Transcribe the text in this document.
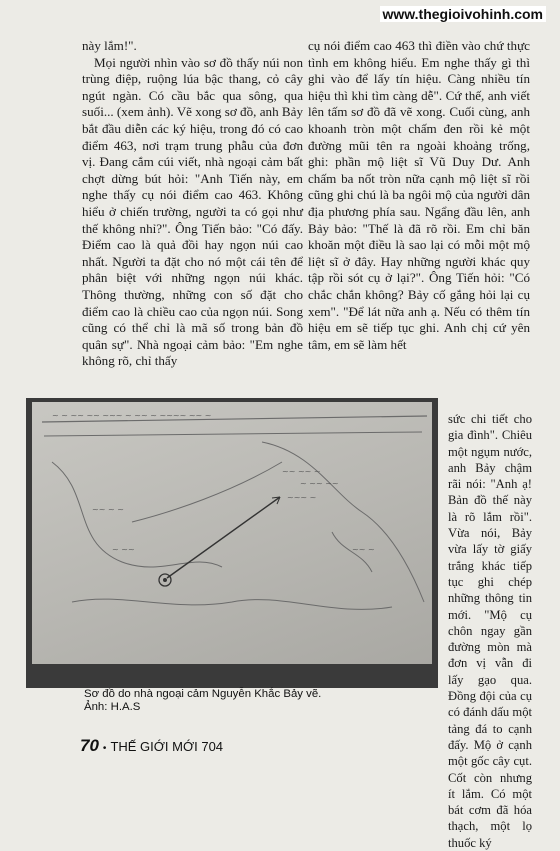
www.thegioivohinh.com

này lắm!".

Mọi người nhìn vào sơ đồ thấy núi non trùng điệp, ruộng lúa bậc thang, cỏ cây ngút ngàn. Có cầu bắc qua sông, qua suối... (xem ảnh). Vẽ xong sơ đồ, anh Bảy bắt đầu diễn các ký hiệu, trong đó có cao điểm 463, nơi trạm trung phẫu của đơn vị. Đang cắm cúi viết, nhà ngoại cảm bất chợt dừng bút hỏi: "Anh Tiến này, em nghe thấy cụ nói điểm cao 463. Không hiểu ở chiến trường, người ta có gọi như thế không nhỉ?". Ông Tiến bảo: "Có đấy. Điểm cao là quả đồi hay ngọn núi cao nhất. Người ta đặt cho nó một cái tên để phân biệt với những ngọn núi khác. Thông thường, những con số đặt cho điểm cao là chiều cao của ngọn núi. Song cũng có thể chỉ là mã số trong bản đồ quân sự". Nhà ngoại cảm bảo: "Em nghe không rõ, chỉ thấy

cụ nói điểm cao 463 thì điền vào chứ thực tình em không hiểu. Em nghe thấy gì thì ghi vào để lấy tín hiệu. Càng nhiều tín hiệu thì khi tìm càng dễ". Cứ thế, anh viết lên tấm sơ đồ đã vẽ xong. Cuối cùng, anh khoanh tròn một chấm đen rồi kẻ một đường mũi tên ra ngoài khoảng trống, ghi: phần mộ liệt sĩ Vũ Duy Dư. Anh chấm ba nốt tròn nữa cạnh mộ liệt sĩ rồi cũng ghi chú là ba ngôi mộ của người dân địa phương phía sau. Ngẩng đầu lên, anh Bảy bảo: "Thế là đã rõ rồi. Em chỉ băn khoăn một điều là sao lại có mỗi một mộ liệt sĩ ở đây. Hay những người khác quy tập rồi sót cụ ở lại?". Ông Tiến hỏi: "Có chắc chắn không? Bảy cố gắng hỏi lại cụ xem". "Để lát nữa anh ạ. Nếu có thêm tín hiệu em sẽ tiếp tục ghi. Anh chị cứ yên tâm, em sẽ làm hết

~ ~ ~~ ~~ ~~~ ~ ~~ ~ ~~~~ ~~ ~
~~ ~~ ~
~ ~~ ~~
~~~ ~
~~ ~ ~
~ ~~	~~ ~

sức chi tiết cho gia đình". Chiêu một ngụm nước, anh Bảy chậm rãi nói: "Anh ạ! Bản đồ thế này là rõ lắm rồi". Vừa nói, Bảy vừa lấy tờ giấy trắng khác tiếp tục ghi chép những thông tin mới. "Mộ cụ chôn ngay gần đường mòn mà đơn vị vẫn đi lấy gạo qua. Đồng đội của cụ có đánh dấu một tảng đá to cạnh đấy. Mộ ở cạnh một gốc cây cụt. Cốt còn nhưng ít lắm. Có một bát cơm đã hóa thạch, một lọ thuốc ký

Sơ đồ do nhà ngoại cảm Nguyễn Khắc Bảy vẽ.
Ảnh: H.A.S
70 • THẾ GIỚI MỚI 704
